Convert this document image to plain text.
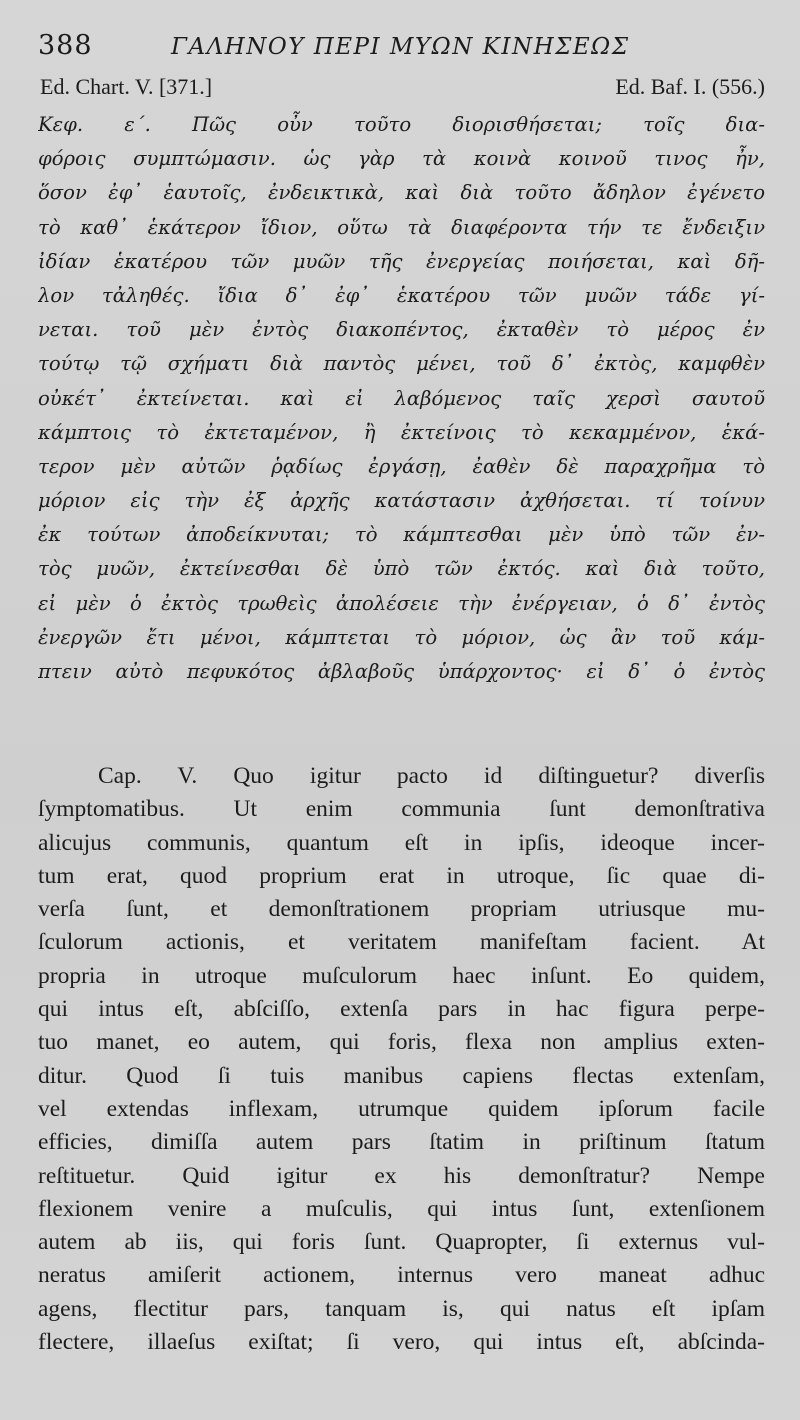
388	ΓΑΛΗΝΟΥ ΠΕΡΙ ΜΥΩΝ ΚΙΝΗΣΕΩΣ
Ed. Chart. V. [371.]	Ed. Baf. I. (556.)
Κεφ. ε΄. Πῶς οὖν τοῦτο διορισθήσεται; τοῖς δια-
φόροις συμπτώμασιν. ὡς γὰρ τὰ κοινὰ κοινοῦ τινος ἦν,
ὅσον ἐφ᾽ ἑαυτοῖς, ἐνδεικτικὰ, καὶ διὰ τοῦτο ἄδηλον ἐγένετο
τὸ καθ᾽ ἑκάτερον ἴδιον, οὕτω τὰ διαφέροντα τήν τε ἔνδειξιν
ἰδίαν ἑκατέρου τῶν μυῶν τῆς ἐνεργείας ποιήσεται, καὶ δῆ-
λον τἀληθές. ἴδια δ᾽ ἐφ᾽ ἑκατέρου τῶν μυῶν τάδε γί-
νεται. τοῦ μὲν ἐντὸς διακοπέντος, ἐκταθὲν τὸ μέρος ἐν
τούτῳ τῷ σχήματι διὰ παντὸς μένει, τοῦ δ᾽ ἐκτὸς, καμφθὲν
οὐκέτ᾽ ἐκτείνεται. καὶ εἰ λαβόμενος ταῖς χερσὶ σαυτοῦ
κάμπτοις τὸ ἐκτεταμένον, ἢ ἐκτείνοις τὸ κεκαμμένον, ἑκά-
τερον μὲν αὐτῶν ῥᾳδίως ἐργάσῃ, ἐαθὲν δὲ παραχρῆμα τὸ
μόριον εἰς τὴν ἐξ ἀρχῆς κατάστασιν ἀχθήσεται. τί τοίνυν
ἐκ τούτων ἀποδείκνυται; τὸ κάμπτεσθαι μὲν ὑπὸ τῶν ἐν-
τὸς μυῶν, ἐκτείνεσθαι δὲ ὑπὸ τῶν ἐκτός. καὶ διὰ τοῦτο,
εἰ μὲν ὁ ἐκτὸς τρωθεὶς ἀπολέσειε τὴν ἐνέργειαν, ὁ δ᾽ ἐντὸς
ἐνεργῶν ἔτι μένοι, κάμπτεται τὸ μόριον, ὡς ἂν τοῦ κάμ-
πτειν αὐτὸ πεφυκότος ἀβλαβοῦς ὑπάρχοντος· εἰ δ᾽ ὁ ἐντὸς
Cap. V. Quo igitur pacto id diſtinguetur? diverſis
ſymptomatibus. Ut enim communia ſunt demonſtrativa
alicujus communis, quantum eſt in ipſis, ideoque incer-
tum erat, quod proprium erat in utroque, ſic quae di-
verſa ſunt, et demonſtrationem propriam utriusque mu-
ſculorum actionis, et veritatem manifeſtam facient. At
propria in utroque muſculorum haec inſunt. Eo quidem,
qui intus eſt, abſciſſo, extenſa pars in hac figura perpe-
tuo manet, eo autem, qui foris, flexa non amplius exten-
ditur. Quod ſi tuis manibus capiens flectas extenſam,
vel extendas inflexam, utrumque quidem ipſorum facile
efficies, dimiſſa autem pars ſtatim in priſtinum ſtatum
reſtituetur. Quid igitur ex his demonſtratur? Nempe
flexionem venire a muſculis, qui intus ſunt, extenſionem
autem ab iis, qui foris ſunt. Quapropter, ſi externus vul-
neratus amiſerit actionem, internus vero maneat adhuc
agens, flectitur pars, tanquam is, qui natus eſt ipſam
flectere, illaeſus exiſtat; ſi vero, qui intus eſt, abſcinda-
